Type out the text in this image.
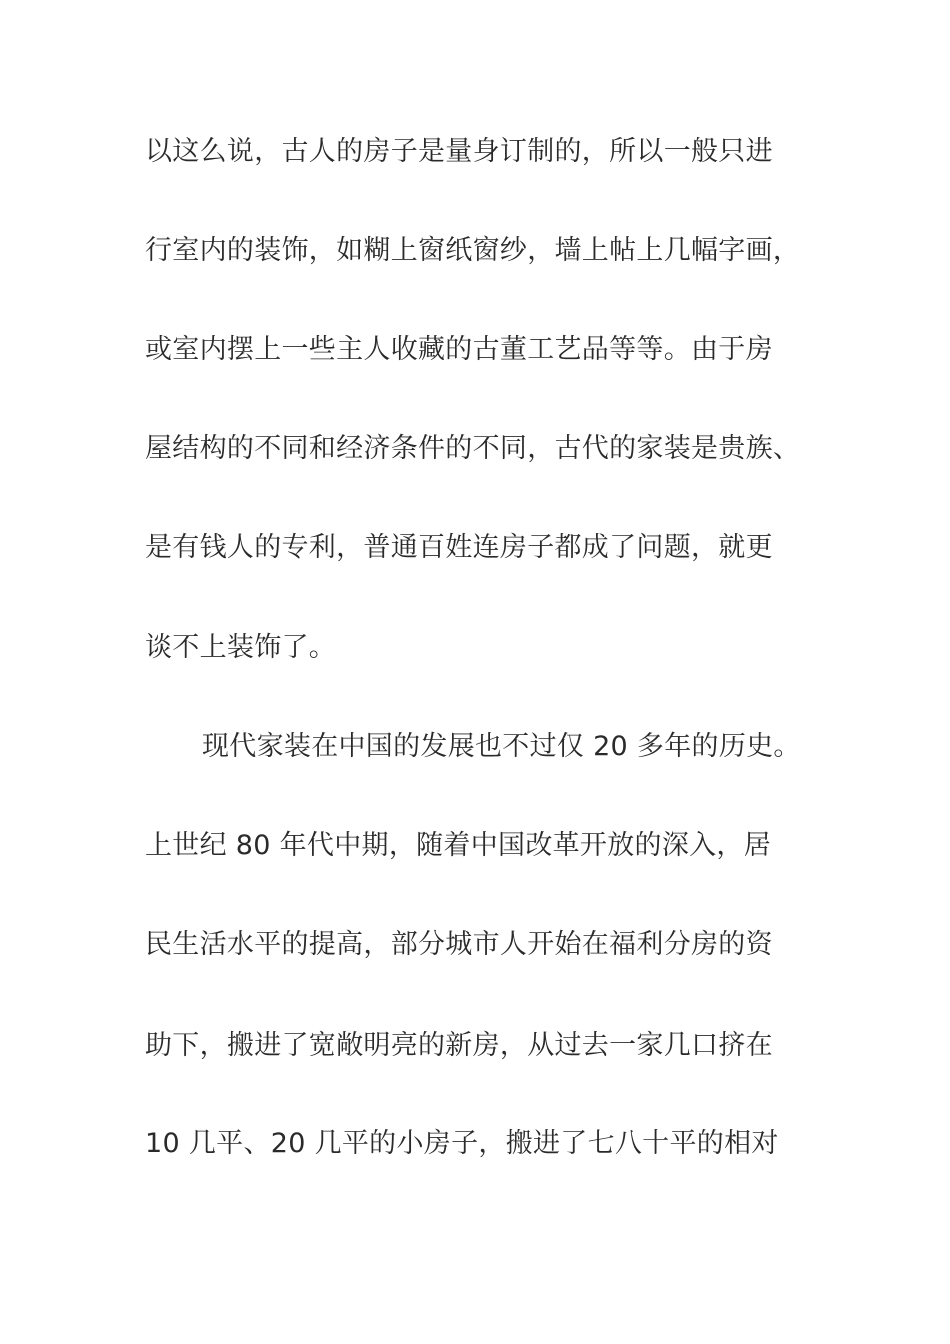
以这么说，古人的房子是量身订制的，所以一般只进
行室内的装饰，如糊上窗纸窗纱，墙上帖上几幅字画，
或室内摆上一些主人收藏的古董工艺品等等。由于房
屋结构的不同和经济条件的不同，古代的家装是贵族、
是有钱人的专利，普通百姓连房子都成了问题，就更
谈不上装饰了。
现代家装在中国的发展也不过仅 20 多年的历史。
上世纪 80 年代中期，随着中国改革开放的深入，居
民生活水平的提高，部分城市人开始在福利分房的资
助下，搬进了宽敞明亮的新房，从过去一家几口挤在
10 几平、20 几平的小房子，搬进了七八十平的相对
